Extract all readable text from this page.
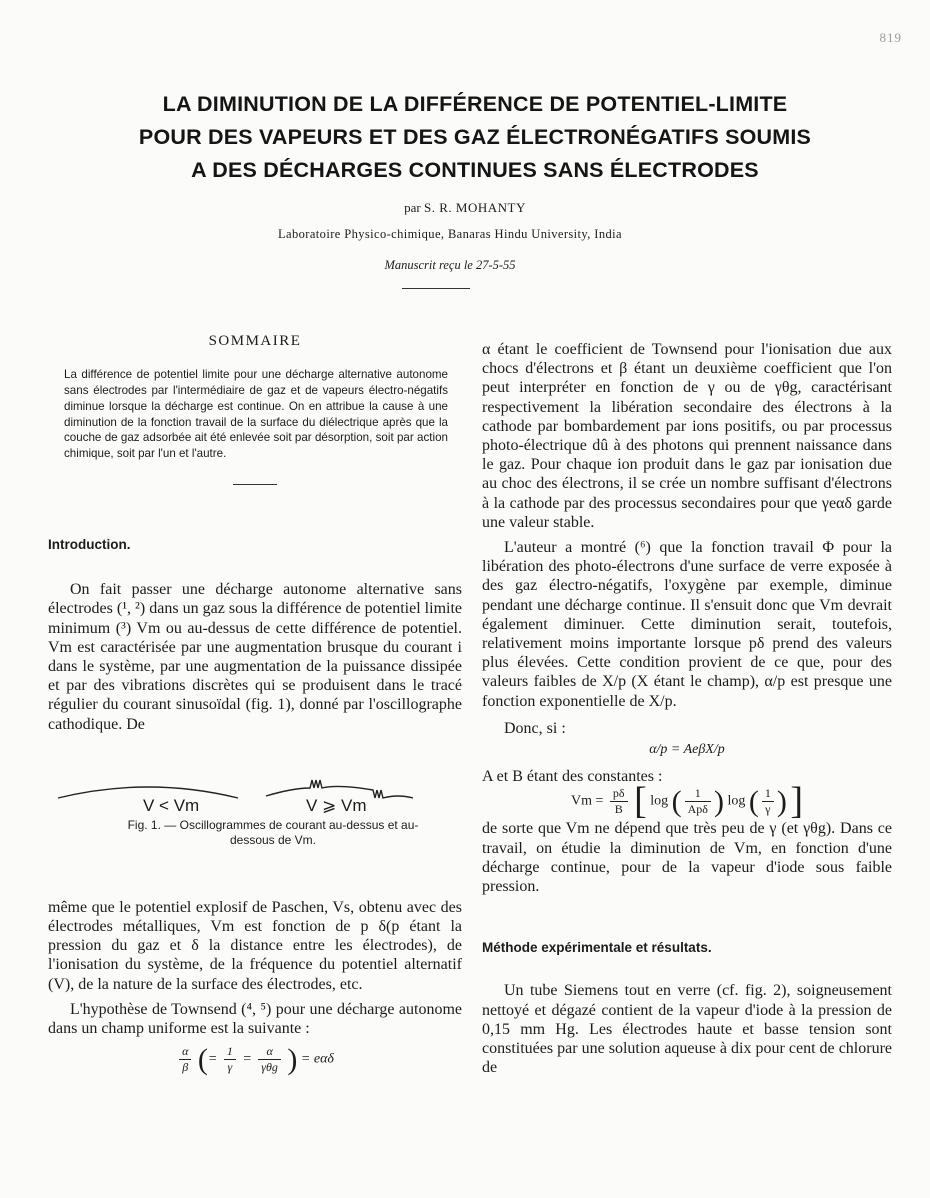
819
LA DIMINUTION DE LA DIFFÉRENCE DE POTENTIEL-LIMITE
POUR DES VAPEURS ET DES GAZ ÉLECTRONÉGATIFS SOUMIS
A DES DÉCHARGES CONTINUES SANS ÉLECTRODES
par S. R. MOHANTY
Laboratoire Physico-chimique, Banaras Hindu University, India
Manuscrit reçu le 27-5-55
SOMMAIRE
La différence de potentiel limite pour une décharge alternative autonome sans électrodes par l'intermédiaire de gaz et de vapeurs électro-négatifs diminue lorsque la décharge est continue. On en attribue la cause à une diminution de la fonction travail de la surface du diélectrique après que la couche de gaz adsorbée ait été enlevée soit par désorption, soit par action chimique, soit par l'un et l'autre.
Introduction.

On fait passer une décharge autonome alternative sans électrodes (¹, ²) dans un gaz sous la différence de potentiel limite minimum (³) Vm ou au-dessus de cette différence de potentiel. Vm est caractérisée par une augmentation brusque du courant i dans le système, par une augmentation de la puissance dissipée et par des vibrations discrètes qui se produisent dans le tracé régulier du courant sinusoïdal (fig. 1), donné par l'oscillographe cathodique. De

V < Vm	V ⩾ Vm
Fig. 1. — Oscillogrammes de courant au-dessus et au-dessous de Vm.

même que le potentiel explosif de Paschen, Vs, obtenu avec des électrodes métalliques, Vm est fonction de p δ(p étant la pression du gaz et δ la distance entre les électrodes), de l'ionisation du système, de la fréquence du potentiel alternatif (V), de la nature de la surface des électrodes, etc.

L'hypothèse de Townsend (⁴, ⁵) pour une décharge autonome dans un champ uniforme est la suivante :

$\frac{\alpha}{\beta}$ (= $\frac{1}{\gamma} = \frac{\alpha}{\text{γθg}}$ ) = eαδ

α étant le coefficient de Townsend pour l'ionisation due aux chocs d'électrons et β étant un deuxième coefficient que l'on peut interpréter en fonction de γ ou de γθg, caractérisant respectivement la libération secondaire des électrons à la cathode par bombardement par ions positifs, ou par processus photo-électrique dû à des photons qui prennent naissance dans le gaz. Pour chaque ion produit dans le gaz par ionisation due au choc des électrons, il se crée un nombre suffisant d'électrons à la cathode par des processus secondaires pour que γeαδ garde une valeur stable.

L'auteur a montré (⁶) que la fonction travail Φ pour la libération des photo-électrons d'une surface de verre exposée à des gaz électro-négatifs, l'oxygène par exemple, diminue pendant une décharge continue. Il s'ensuit donc que Vm devrait également diminuer. Cette diminution serait, toutefois, relativement moins importante lorsque pδ prend des valeurs plus élevées. Cette condition provient de ce que, pour des valeurs faibles de X/p (X étant le champ), α/p est presque une fonction exponentielle de X/p.

Donc, si :

α/p = AeβX/p

A et B étant des constantes :

$Vm = \frac{p\delta}{B}$ [ log ( $\frac{1}{\text{Apδ}}$ ) log ( $\frac{1}{\gamma}$ ) ]

de sorte que Vm ne dépend que très peu de γ (et γθg). Dans ce travail, on étudie la diminution de Vm, en fonction d'une décharge continue, pour de la vapeur d'iode sous faible pression.

Méthode expérimentale et résultats.

Un tube Siemens tout en verre (cf. fig. 2), soigneusement nettoyé et dégazé contient de la vapeur d'iode à la pression de 0,15 mm Hg. Les électrodes haute et basse tension sont constituées par une solution aqueuse à dix pour cent de chlorure de
